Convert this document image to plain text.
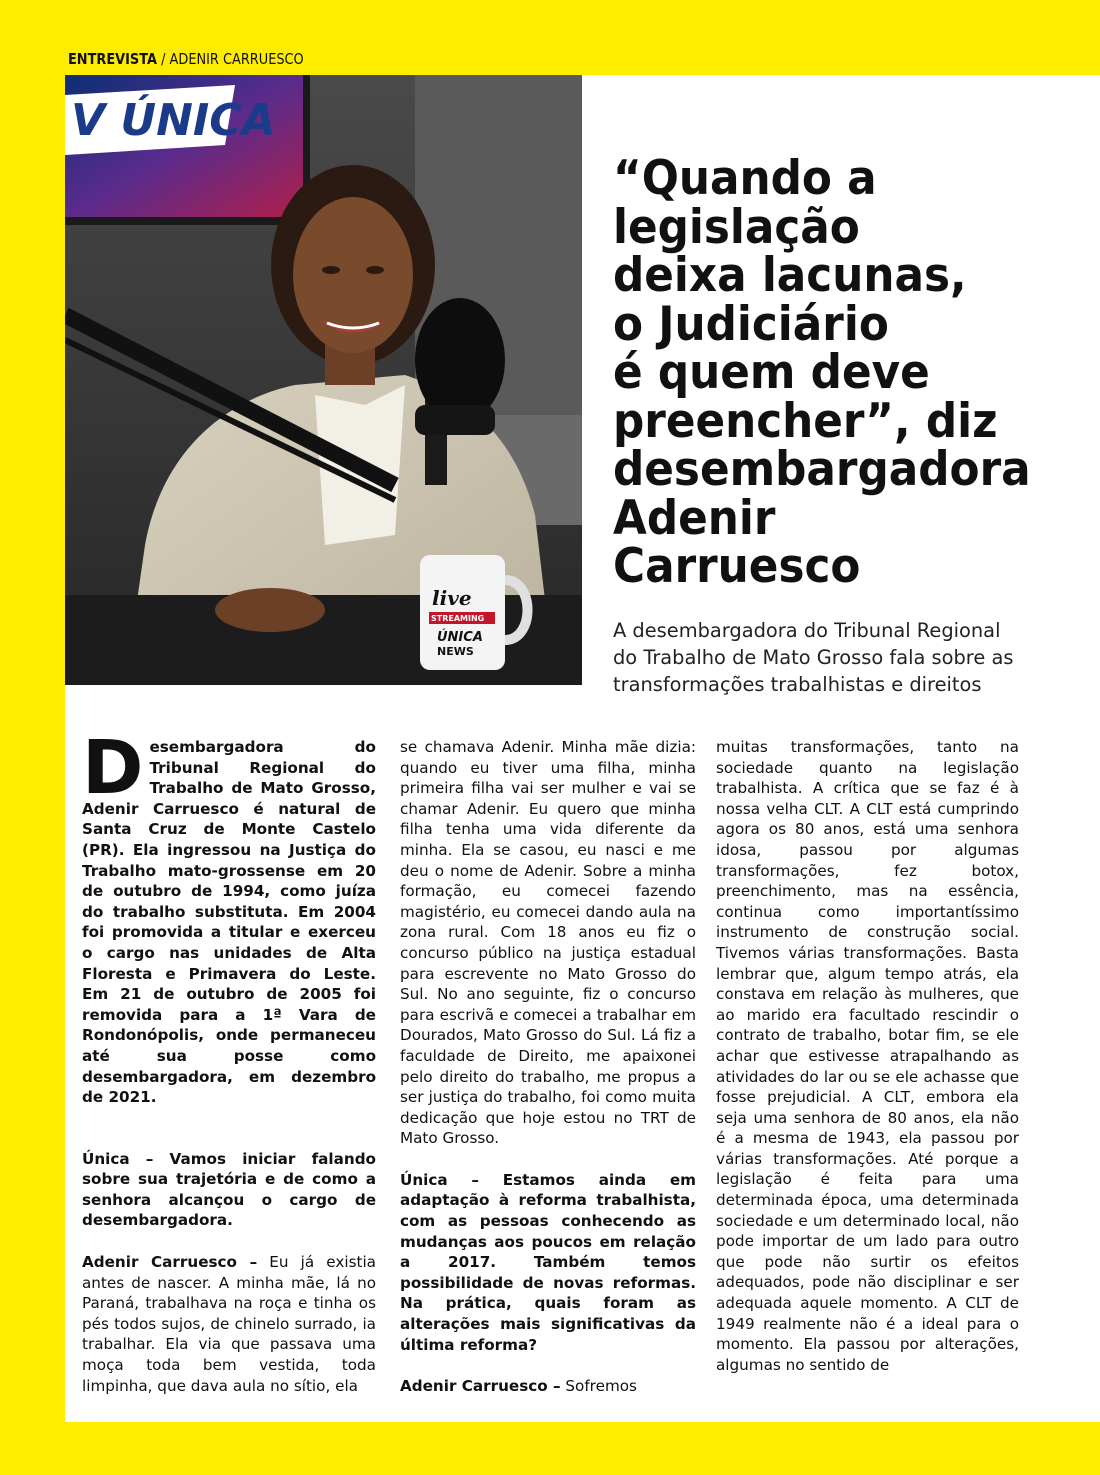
ENTREVISTA / ADENIR CARRUESCO
V ÚNICA
live
STREAMING
ÚNICA
NEWS
“Quando a
legislação
deixa lacunas,
o Judiciário
é quem deve
preencher”, diz
desembargadora
Adenir
Carruesco
A desembargadora do Tribunal Regional
do Trabalho de Mato Grosso fala sobre as
transformações trabalhistas e direitos

Desembargadora do Tribunal Regional do Trabalho de Mato Grosso, Adenir Carruesco é natural de Santa Cruz de Monte Castelo (PR). Ela ingressou na Justiça do Trabalho mato-grossense em 20 de outubro de 1994, como juíza do trabalho substituta. Em 2004 foi promovida a titular e exerceu o cargo nas unidades de Alta Floresta e Primavera do Leste. Em 21 de outubro de 2005 foi removida para a 1ª Vara de Rondonópolis, onde permaneceu até sua posse como desembargadora, em dezembro de 2021.

Única – Vamos iniciar falando sobre sua trajetória e de como a senhora alcançou o cargo de desembargadora.

Adenir Carruesco – Eu já existia antes de nascer. A minha mãe, lá no Paraná, trabalhava na roça e tinha os pés todos sujos, de chinelo surrado, ia trabalhar. Ela via que passava uma moça toda bem vestida, toda limpinha, que dava aula no sítio, ela

se chamava Adenir. Minha mãe dizia: quando eu tiver uma filha, minha primeira filha vai ser mulher e vai se chamar Adenir. Eu quero que minha filha tenha uma vida diferente da minha. Ela se casou, eu nasci e me deu o nome de Adenir. Sobre a minha formação, eu comecei fazendo magistério, eu comecei dando aula na zona rural. Com 18 anos eu fiz o concurso público na justiça estadual para escrevente no Mato Grosso do Sul. No ano seguinte, fiz o concurso para escrivã e comecei a trabalhar em Dourados, Mato Grosso do Sul. Lá fiz a faculdade de Direito, me apaixonei pelo direito do trabalho, me propus a ser justiça do trabalho, foi como muita dedicação que hoje estou no TRT de Mato Grosso.

Única – Estamos ainda em adaptação à reforma trabalhista, com as pessoas conhecendo as mudanças aos poucos em relação a 2017. Também temos possibilidade de novas reformas. Na prática, quais foram as alterações mais significativas da última reforma?

Adenir Carruesco – Sofremos

muitas transformações, tanto na sociedade quanto na legislação trabalhista. A crítica que se faz é à nossa velha CLT. A CLT está cumprindo agora os 80 anos, está uma senhora idosa, passou por algumas transformações, fez botox, preenchimento, mas na essência, continua como importantíssimo instrumento de construção social. Tivemos várias transformações. Basta lembrar que, algum tempo atrás, ela constava em relação às mulheres, que ao marido era facultado rescindir o contrato de trabalho, botar fim, se ele achar que estivesse atrapalhando as atividades do lar ou se ele achasse que fosse prejudicial. A CLT, embora ela seja uma senhora de 80 anos, ela não é a mesma de 1943, ela passou por várias transformações. Até porque a legislação é feita para uma determinada época, uma determinada sociedade e um determinado local, não pode importar de um lado para outro que pode não surtir os efeitos adequados, pode não disciplinar e ser adequada aquele momento. A CLT de 1949 realmente não é a ideal para o momento. Ela passou por alterações, algumas no sentido de
